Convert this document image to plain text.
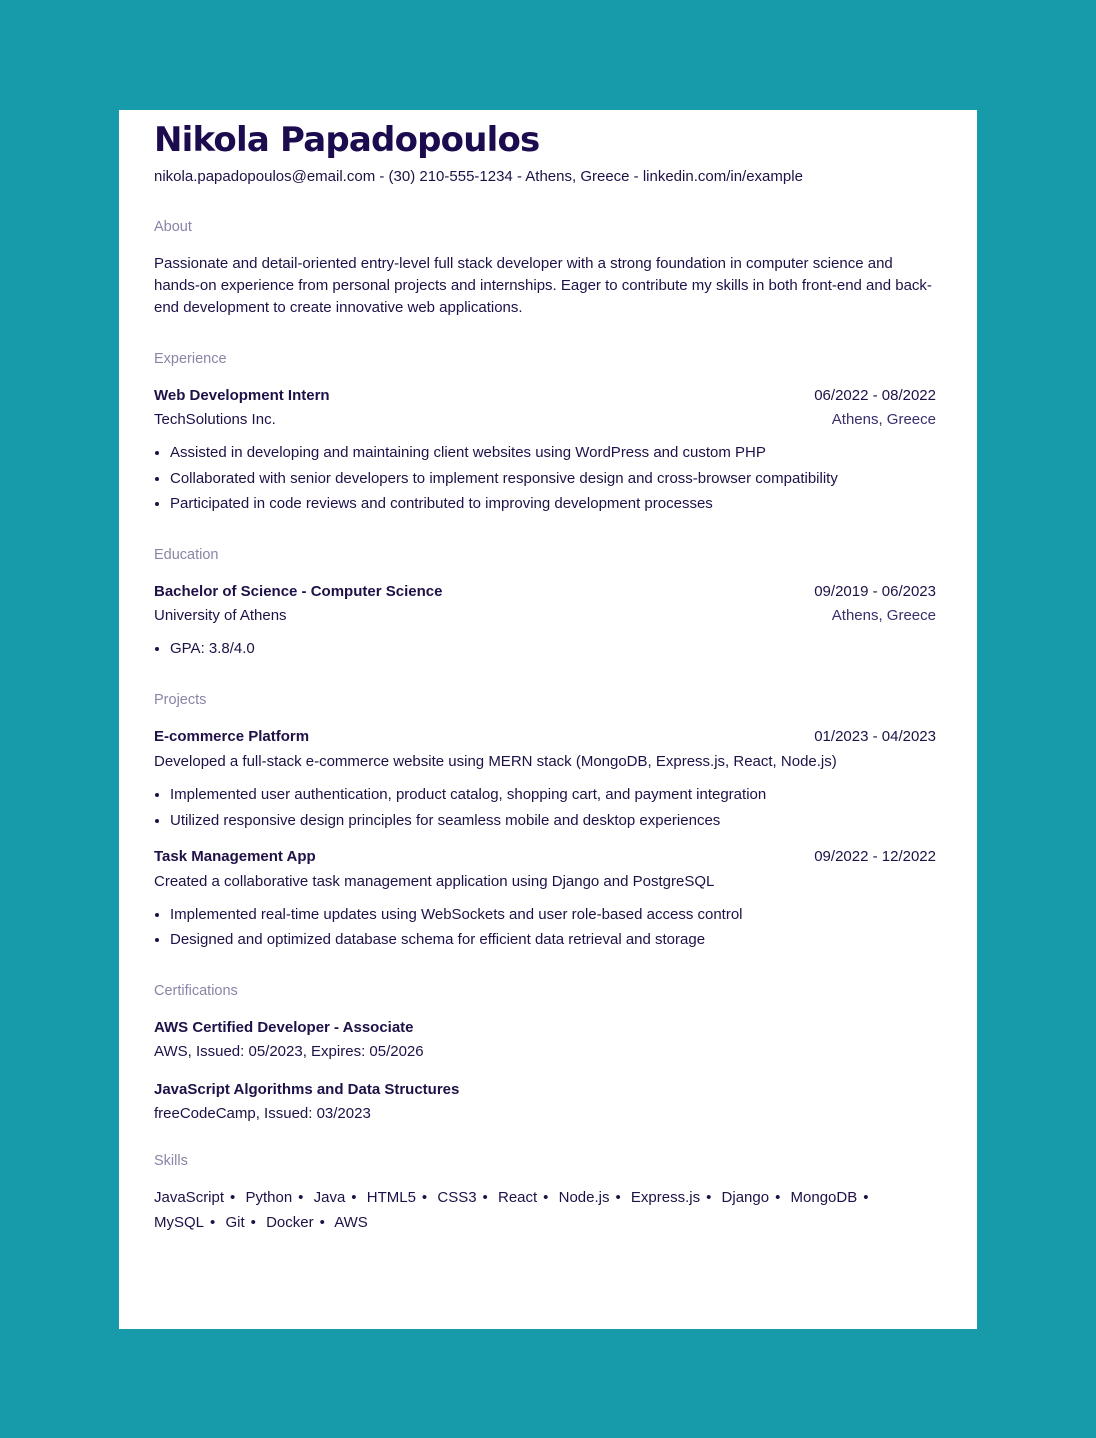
Nikola Papadopoulos
nikola.papadopoulos@email.com - (30) 210-555-1234 - Athens, Greece - linkedin.com/in/example
About
Passionate and detail-oriented entry-level full stack developer with a strong foundation in computer science and hands-on experience from personal projects and internships. Eager to contribute my skills in both front-end and back-end development to create innovative web applications.
Experience
Web Development Intern	06/2022 - 08/2022
TechSolutions Inc.	Athens, Greece
• Assisted in developing and maintaining client websites using WordPress and custom PHP
• Collaborated with senior developers to implement responsive design and cross-browser compatibility
• Participated in code reviews and contributed to improving development processes
Education
Bachelor of Science - Computer Science	09/2019 - 06/2023
University of Athens	Athens, Greece
• GPA: 3.8/4.0
Projects
E-commerce Platform	01/2023 - 04/2023
Developed a full-stack e-commerce website using MERN stack (MongoDB, Express.js, React, Node.js)
• Implemented user authentication, product catalog, shopping cart, and payment integration
• Utilized responsive design principles for seamless mobile and desktop experiences
Task Management App	09/2022 - 12/2022
Created a collaborative task management application using Django and PostgreSQL
• Implemented real-time updates using WebSockets and user role-based access control
• Designed and optimized database schema for efficient data retrieval and storage
Certifications
AWS Certified Developer - Associate
AWS, Issued: 05/2023, Expires: 05/2026
JavaScript Algorithms and Data Structures
freeCodeCamp, Issued: 03/2023
Skills
JavaScript • Python • Java • HTML5 • CSS3 • React • Node.js • Express.js • Django • MongoDB • MySQL • Git • Docker • AWS
